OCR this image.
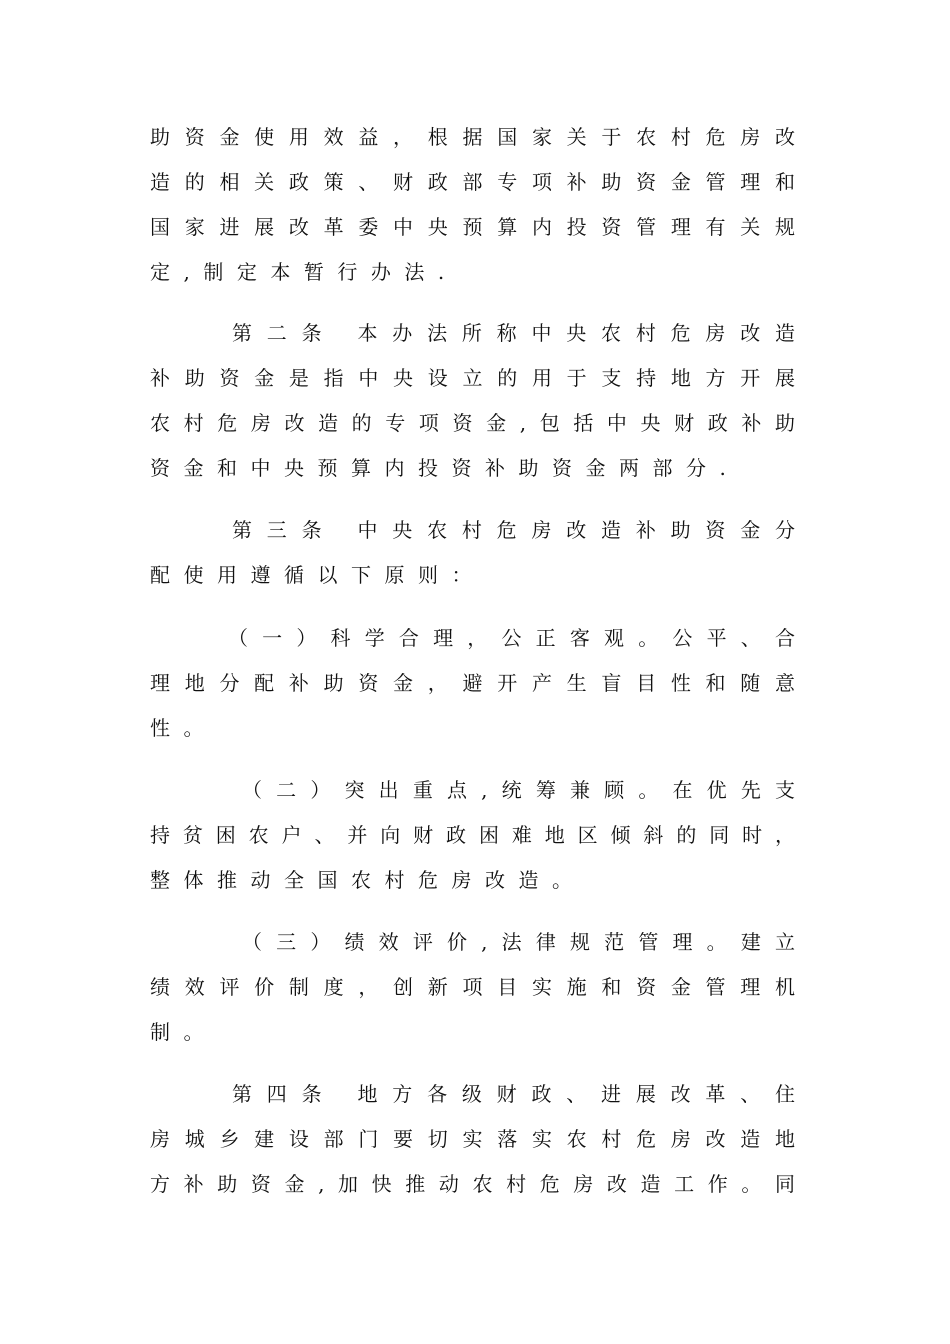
助资金使用效益，根据国家关于农村危房改
造的相关政策、财政部专项补助资金管理和
国家进展改革委中央预算内投资管理有关规
定,制定本暂行办法.
第二条 本办法所称中央农村危房改造
补助资金是指中央设立的用于支持地方开展
农村危房改造的专项资金,包括中央财政补助
资金和中央预算内投资补助资金两部分.
第三条 中央农村危房改造补助资金分
配使用遵循以下原则：
（一）科学合理，公正客观。公平、合
理地分配补助资金，避开产生盲目性和随意
性。
（二）突出重点,统筹兼顾。在优先支
持贫困农户、并向财政困难地区倾斜的同时，
整体推动全国农村危房改造。
（三）绩效评价,法律规范管理。建立
绩效评价制度，创新项目实施和资金管理机
制。
第四条 地方各级财政、进展改革、住
房城乡建设部门要切实落实农村危房改造地
方补助资金,加快推动农村危房改造工作。同
